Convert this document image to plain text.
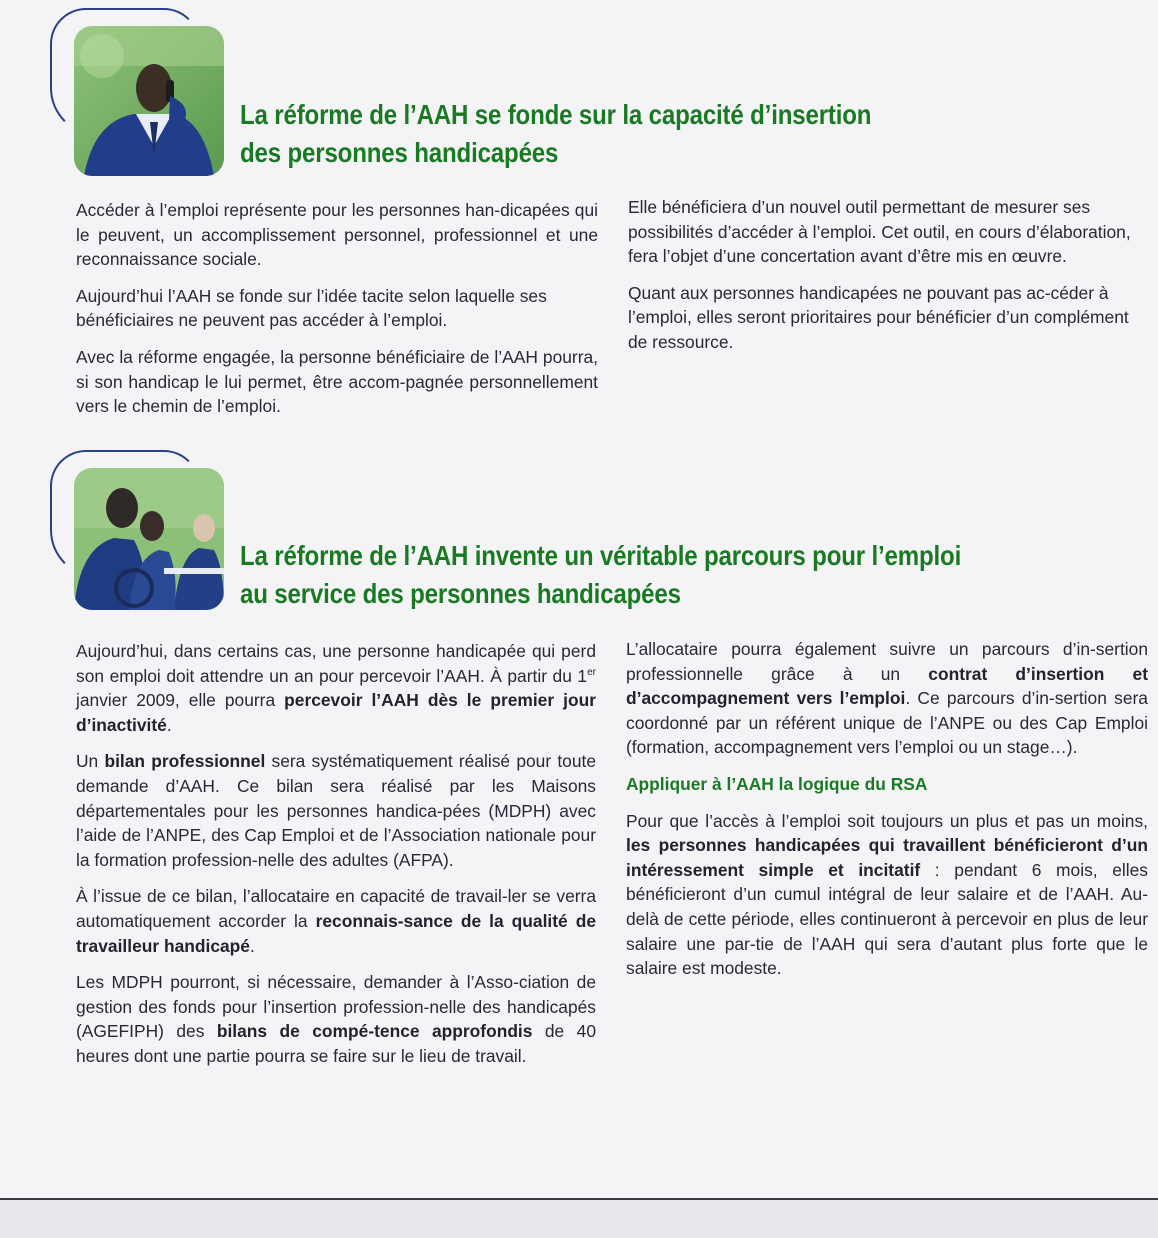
La réforme de l’AAH se fonde sur la capacité d’insertion
des personnes handicapées

Accéder à l’emploi représente pour les personnes han-dicapées qui le peuvent, un accomplissement personnel, professionnel et une reconnaissance sociale.

Aujourd’hui l’AAH se fonde sur l’idée tacite selon laquelle ses bénéficiaires ne peuvent pas accéder à l’emploi.

Avec la réforme engagée, la personne bénéficiaire de l’AAH pourra, si son handicap le lui permet, être accom-pagnée personnellement vers le chemin de l’emploi.

Elle bénéficiera d’un nouvel outil permettant de mesurer ses possibilités d’accéder à l’emploi. Cet outil, en cours d’élaboration, fera l’objet d’une concertation avant d’être mis en œuvre.

Quant aux personnes handicapées ne pouvant pas ac-céder à l’emploi, elles seront prioritaires pour bénéficier d’un complément de ressource.

La réforme de l’AAH invente un véritable parcours pour l’emploi
au service des personnes handicapées

Aujourd’hui, dans certains cas, une personne handicapée qui perd son emploi doit attendre un an pour percevoir l’AAH. À partir du 1er janvier 2009, elle pourra percevoir l’AAH dès le premier jour d’inactivité.

Un bilan professionnel sera systématiquement réalisé pour toute demande d’AAH. Ce bilan sera réalisé par les Maisons départementales pour les personnes handica-pées (MDPH) avec l’aide de l’ANPE, des Cap Emploi et de l’Association nationale pour la formation profession-nelle des adultes (AFPA).

À l’issue de ce bilan, l’allocataire en capacité de travail-ler se verra automatiquement accorder la reconnais-sance de la qualité de travailleur handicapé.

Les MDPH pourront, si nécessaire, demander à l’Asso-ciation de gestion des fonds pour l’insertion profession-nelle des handicapés (AGEFIPH) des bilans de compé-tence approfondis de 40 heures dont une partie pourra se faire sur le lieu de travail.

L’allocataire pourra également suivre un parcours d’in-sertion professionnelle grâce à un contrat d’insertion et d’accompagnement vers l’emploi. Ce parcours d’in-sertion sera coordonné par un référent unique de l’ANPE ou des Cap Emploi (formation, accompagnement vers l’emploi ou un stage…).

Appliquer à l’AAH la logique du RSA

Pour que l’accès à l’emploi soit toujours un plus et pas un moins, les personnes handicapées qui travaillent bénéficieront d’un intéressement simple et incitatif : pendant 6 mois, elles bénéficieront d’un cumul intégral de leur salaire et de l’AAH. Au-delà de cette période, elles continueront à percevoir en plus de leur salaire une par-tie de l’AAH qui sera d’autant plus forte que le salaire est modeste.
